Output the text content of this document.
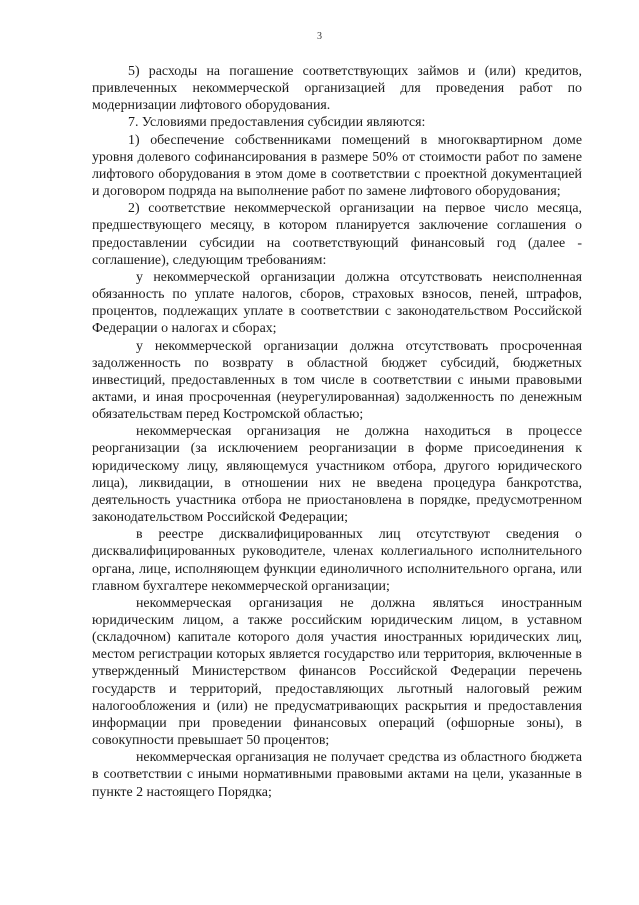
3

5) расходы на погашение соответствующих займов и (или) кредитов, привлеченных некоммерческой организацией для проведения работ по модернизации лифтового оборудования.

7. Условиями предоставления субсидии являются:

1) обеспечение собственниками помещений в многоквартирном доме уровня долевого софинансирования в размере 50% от стоимости работ по замене лифтового оборудования в этом доме в соответствии с проектной документацией и договором подряда на выполнение работ по замене лифтового оборудования;

2) соответствие некоммерческой организации на первое число месяца, предшествующего месяцу, в котором планируется заключение соглашения о предоставлении субсидии на соответствующий финансовый год (далее - соглашение), следующим требованиям:

у некоммерческой организации должна отсутствовать неисполненная обязанность по уплате налогов, сборов, страховых взносов, пеней, штрафов, процентов, подлежащих уплате в соответствии с законодательством Российской Федерации о налогах и сборах;

у некоммерческой организации должна отсутствовать просроченная задолженность по возврату в областной бюджет субсидий, бюджетных инвестиций, предоставленных в том числе в соответствии с иными правовыми актами, и иная просроченная (неурегулированная) задолженность по денежным обязательствам перед Костромской областью;

некоммерческая организация не должна находиться в процессе реорганизации (за исключением реорганизации в форме присоединения к юридическому лицу, являющемуся участником отбора, другого юридического лица), ликвидации, в отношении них не введена процедура банкротства, деятельность участника отбора не приостановлена в порядке, предусмотренном законодательством Российской Федерации;

в реестре дисквалифицированных лиц отсутствуют сведения о дисквалифицированных руководителе, членах коллегиального исполнительного органа, лице, исполняющем функции единоличного исполнительного органа, или главном бухгалтере некоммерческой организации;

некоммерческая организация не должна являться иностранным юридическим лицом, а также российским юридическим лицом, в уставном (складочном) капитале которого доля участия иностранных юридических лиц, местом регистрации которых является государство или территория, включенные в утвержденный Министерством финансов Российской Федерации перечень государств и территорий, предоставляющих льготный налоговый режим налогообложения и (или) не предусматривающих раскрытия и предоставления информации при проведении финансовых операций (офшорные зоны), в совокупности превышает 50 процентов;

некоммерческая организация не получает средства из областного бюджета в соответствии с иными нормативными правовыми актами на цели, указанные в пункте 2 настоящего Порядка;
